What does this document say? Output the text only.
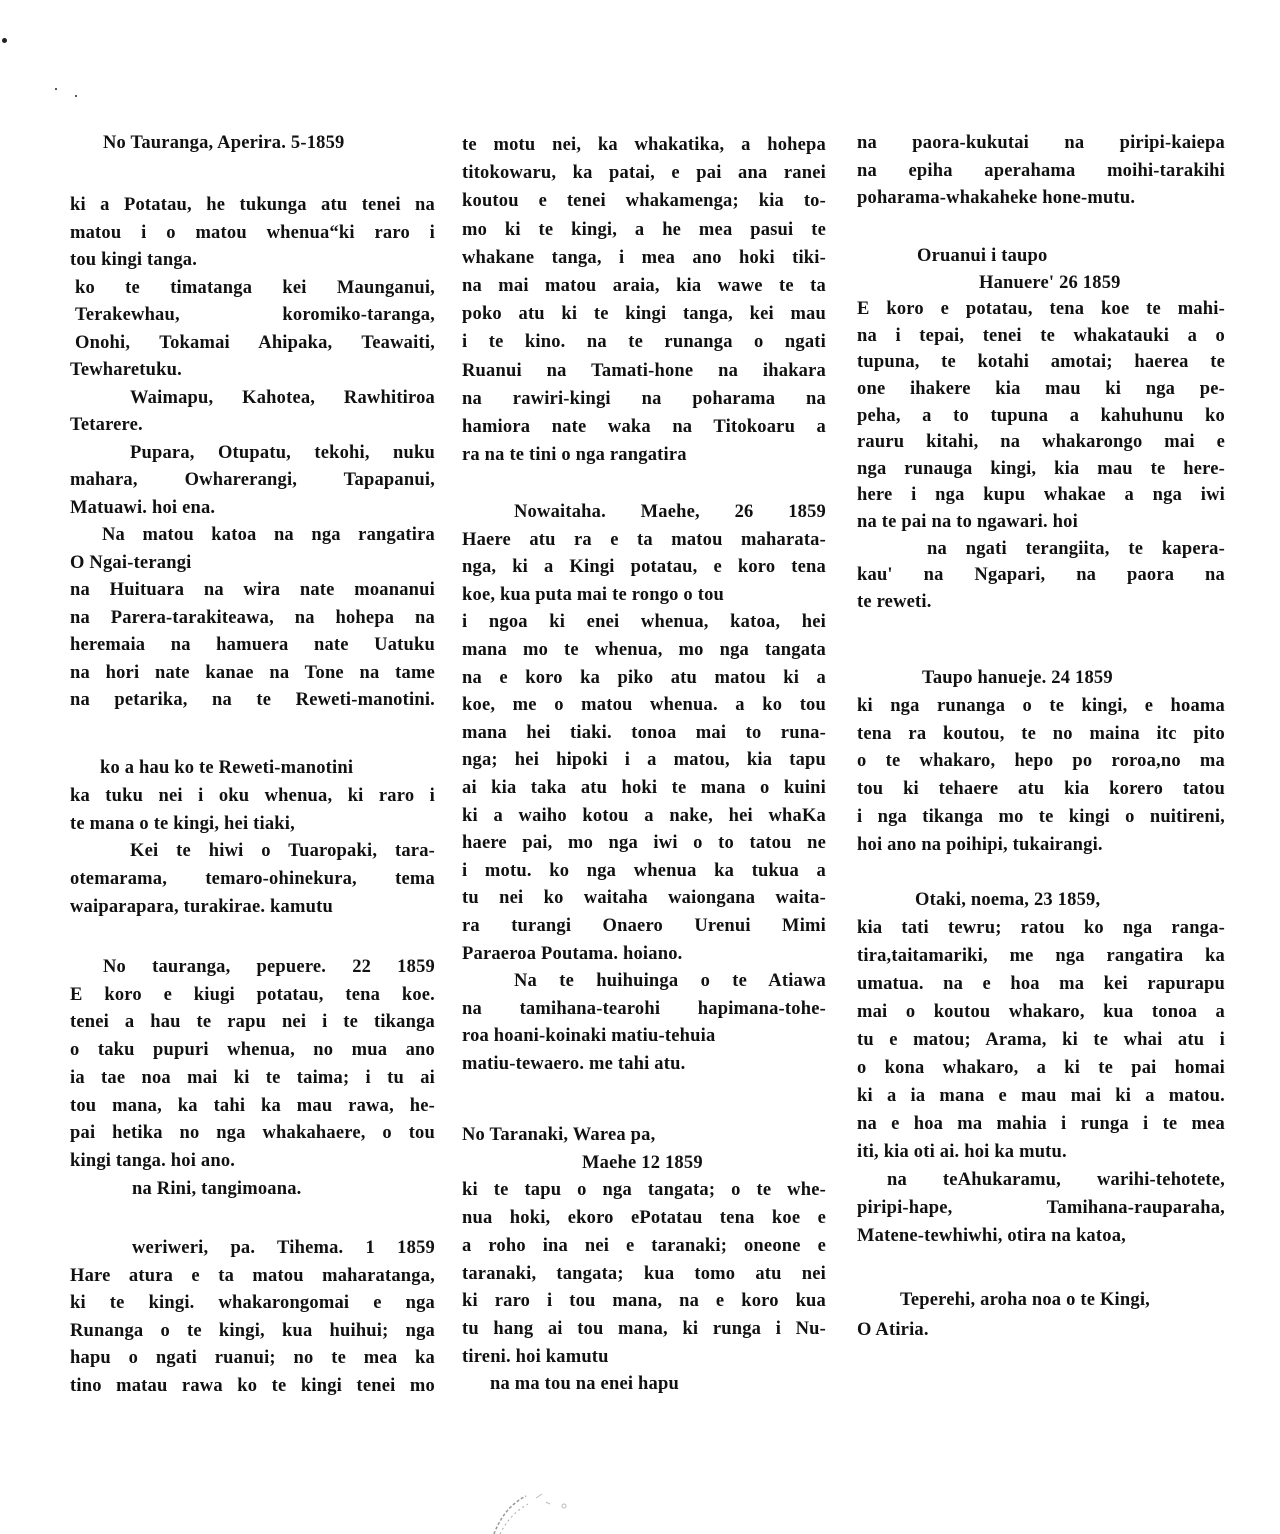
No Tauranga, Aperira. 5-1859
ki a Potatau, he tukunga atu tenei na
matou i o matou whenua“ki raro i
tou kingi tanga.
ko te timatanga kei Maunganui,
Terakewhau, koromiko-taranga,
Onohi, Tokamai Ahipaka, Teawaiti,
Tewharetuku.
Waimapu, Kahotea, Rawhitiroa
Tetarere.
Pupara, Otupatu, tekohi, nuku
mahara, Owharerangi, Tapapanui,
Matuawi. hoi ena.
Na matou katoa na nga rangatira
O Ngai-terangi
na Huituara na wira nate moananui
na Parera-tarakiteawa, na hohepa na
heremaia na hamuera nate Uatuku
na hori nate kanae na Tone na tame
na petarika, na te Reweti-manotini.
ko a hau ko te Reweti-manotini
ka tuku nei i oku whenua, ki raro i
te mana o te kingi, hei tiaki,
Kei te hiwi o Tuaropaki, tara-
otemarama, temaro-ohinekura, tema
waiparapara, turakirae. kamutu
No tauranga, pepuere. 22 1859
E koro e kiugi potatau, tena koe.
tenei a hau te rapu nei i te tikanga
o taku pupuri whenua, no mua ano
ia tae noa mai ki te taima; i tu ai
tou mana, ka tahi ka mau rawa, he-
pai hetika no nga whakahaere, o tou
kingi tanga. hoi ano.
na Rini, tangimoana.
weriweri, pa. Tihema. 1 1859
Hare atura e ta matou maharatanga,
ki te kingi. whakarongomai e nga
Runanga o te kingi, kua huihui; nga
hapu o ngati ruanui; no te mea ka
tino matau rawa ko te kingi tenei mo
te motu nei, ka whakatika, a hohepa
titokowaru, ka patai, e pai ana ranei
koutou e tenei whakamenga; kia to-
mo ki te kingi, a he mea pasui te
whakane tanga, i mea ano hoki tiki-
na mai matou araia, kia wawe te ta
poko atu ki te kingi tanga, kei mau
i te kino. na te runanga o ngati
Ruanui na Tamati-hone na ihakara
na rawiri-kingi na poharama na
hamiora nate waka na Titokoaru a
ra na te tini o nga rangatira
Nowaitaha. Maehe, 26 1859
Haere atu ra e ta matou maharata-
nga, ki a Kingi potatau, e koro tena
koe, kua puta mai te rongo o tou
i ngoa ki enei whenua, katoa, hei
mana mo te whenua, mo nga tangata
na e koro ka piko atu matou ki a
koe, me o matou whenua. a ko tou
mana hei tiaki. tonoa mai to runa-
nga; hei hipoki i a matou, kia tapu
ai kia taka atu hoki te mana o kuini
ki a waiho kotou a nake, hei whaKa
haere pai, mo nga iwi o to tatou ne
i motu. ko nga whenua ka tukua a
tu nei ko waitaha waiongana waita-
ra turangi Onaero Urenui Mimi
Paraeroa Poutama. hoiano.
Na te huihuinga o te Atiawa
na tamihana-tearohi hapimana-tohe-
roa hoani-koinaki matiu-tehuia
matiu-tewaero. me tahi atu.
No Taranaki, Warea pa,
Maehe 12 1859
ki te tapu o nga tangata; o te whe-
nua hoki, ekoro ePotatau tena koe e
a roho ina nei e taranaki; oneone e
taranaki, tangata; kua tomo atu nei
ki raro i tou mana, na e koro kua
tu hang ai tou mana, ki runga i Nu-
tireni. hoi kamutu
na ma tou na enei hapu
na paora-kukutai na piripi-kaiepa
na epiha aperahama moihi-tarakihi
poharama-whakaheke hone-mutu.
Oruanui i taupo
Hanuere' 26 1859
E koro e potatau, tena koe te mahi-
na i tepai, tenei te whakatauki a o
tupuna, te kotahi amotai; haerea te
one ihakere kia mau ki nga pe-
peha, a to tupuna a kahuhunu ko
rauru kitahi, na whakarongo mai e
nga runauga kingi, kia mau te here-
here i nga kupu whakae a nga iwi
na te pai na to ngawari. hoi
na ngati terangiita, te kapera-
kau' na Ngapari, na paora na
te reweti.
Taupo hanueje. 24 1859
ki nga runanga o te kingi, e hoama
tena ra koutou, te no maina itc pito
o te whakaro, hepo po roroa,no ma
tou ki tehaere atu kia korero tatou
i nga tikanga mo te kingi o nuitireni,
hoi ano na poihipi, tukairangi.
Otaki, noema, 23 1859,
kia tati tewru; ratou ko nga ranga-
tira,taitamariki, me nga rangatira ka
umatua. na e hoa ma kei rapurapu
mai o koutou whakaro, kua tonoa a
tu e matou; Arama, ki te whai atu i
o kona whakaro, a ki te pai homai
ki a ia mana e mau mai ki a matou.
na e hoa ma mahia i runga i te mea
iti, kia oti ai. hoi ka mutu.
na teAhukaramu, warihi-tehotete,
piripi-hape, Tamihana-rauparaha,
Matene-tewhiwhi, otira na katoa,
Teperehi, aroha noa o te Kingi,
O Atiria.
